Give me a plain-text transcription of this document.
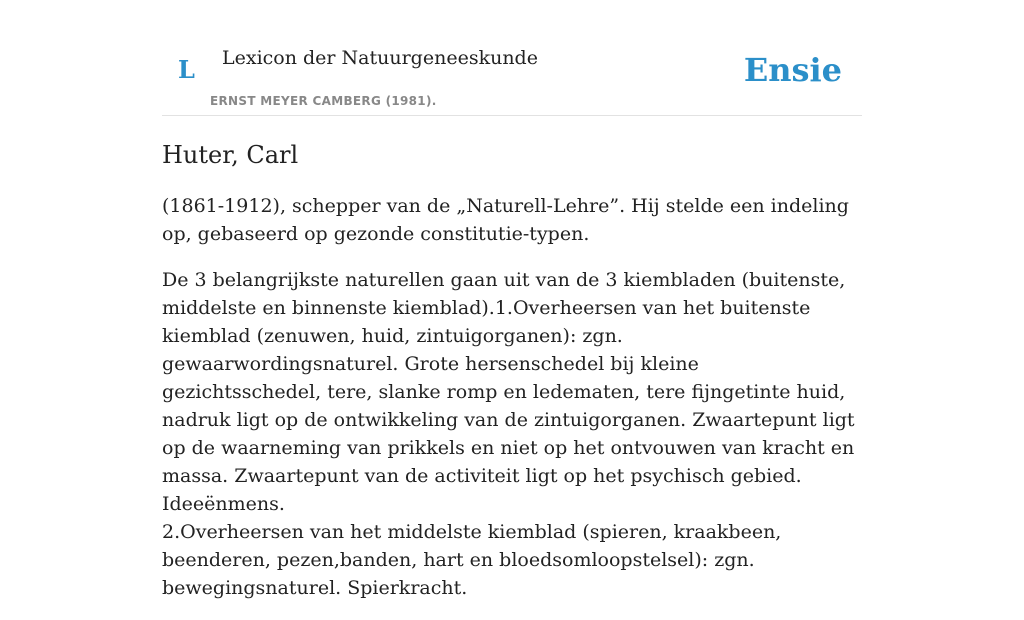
L Lexicon der Natuurgeneeskunde
ERNST MEYER CAMBERG (1981).
Ensie
Huter, Carl

(1861-1912), schepper van de „Naturell-Lehre”. Hij stelde een indeling op, gebaseerd op gezonde constitutie-typen.

De 3 belangrijkste naturellen gaan uit van de 3 kiembladen (buitenste, middelste en binnenste kiemblad).1.Overheersen van het buitenste kiemblad (zenuwen, huid, zintuigorganen): zgn. gewaarwordingsnaturel. Grote hersenschedel bij kleine gezichtsschedel, tere, slanke romp en ledematen, tere fijngetinte huid, nadruk ligt op de ontwikkeling van de zintuigorganen. Zwaartepunt ligt op de waarneming van prikkels en niet op het ontvouwen van kracht en massa. Zwaartepunt van de activiteit ligt op het psychisch gebied. Ideeënmens.

2.Overheersen van het middelste kiemblad (spieren, kraakbeen, beenderen, pezen,banden, hart en bloedsomloopstelsel): zgn. bewegingsnaturel. Spierkracht.
